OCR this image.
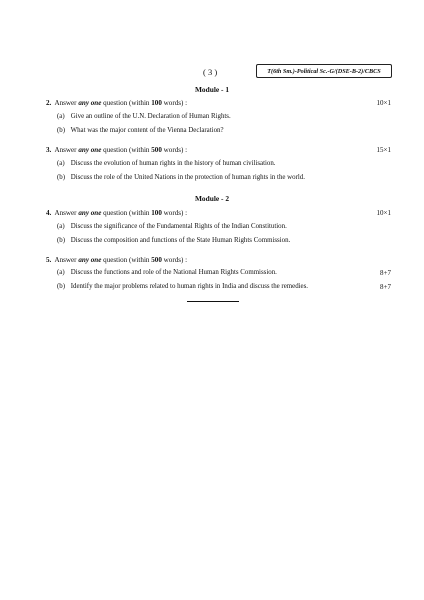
( 3 )	T(6th Sm.)-Political Sc.-G/(DSE-B-2)/CBCS
Module - 1
2. Answer any one question (within 100 words) :	10×1
(a) Give an outline of the U.N. Declaration of Human Rights.
(b) What was the major content of the Vienna Declaration?
3. Answer any one question (within 500 words) :	15×1
(a) Discuss the evolution of human rights in the history of human civilisation.
(b) Discuss the role of the United Nations in the protection of human rights in the world.
Module - 2
4. Answer any one question (within 100 words) :	10×1
(a) Discuss the significance of the Fundamental Rights of the Indian Constitution.
(b) Discuss the composition and functions of the State Human Rights Commission.
5. Answer any one question (within 500 words) :
(a) Discuss the functions and role of the National Human Rights Commission.	8+7
(b) Identify the major problems related to human rights in India and discuss the remedies.	8+7
